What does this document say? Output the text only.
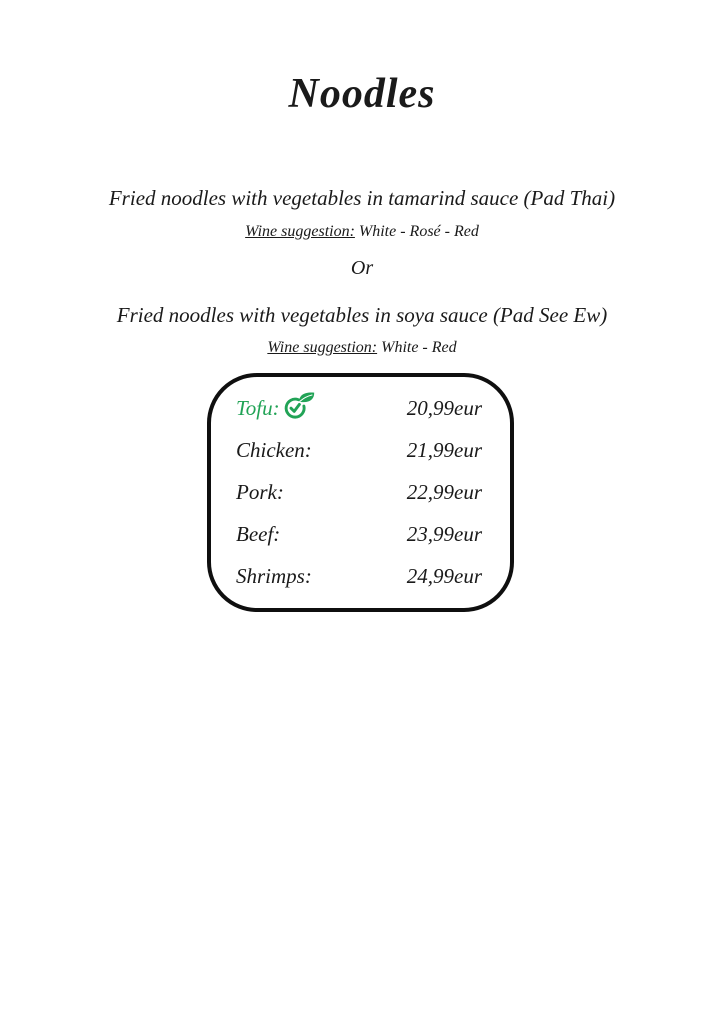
Noodles
Fried noodles with vegetables in tamarind sauce (Pad Thai)
Wine suggestion: White - Rosé - Red
Or
Fried noodles with vegetables in soya sauce (Pad See Ew)
Wine suggestion: White - Red
Tofu:	20,99eur
Chicken:	21,99eur
Pork:	22,99eur
Beef:	23,99eur
Shrimps:	24,99eur
